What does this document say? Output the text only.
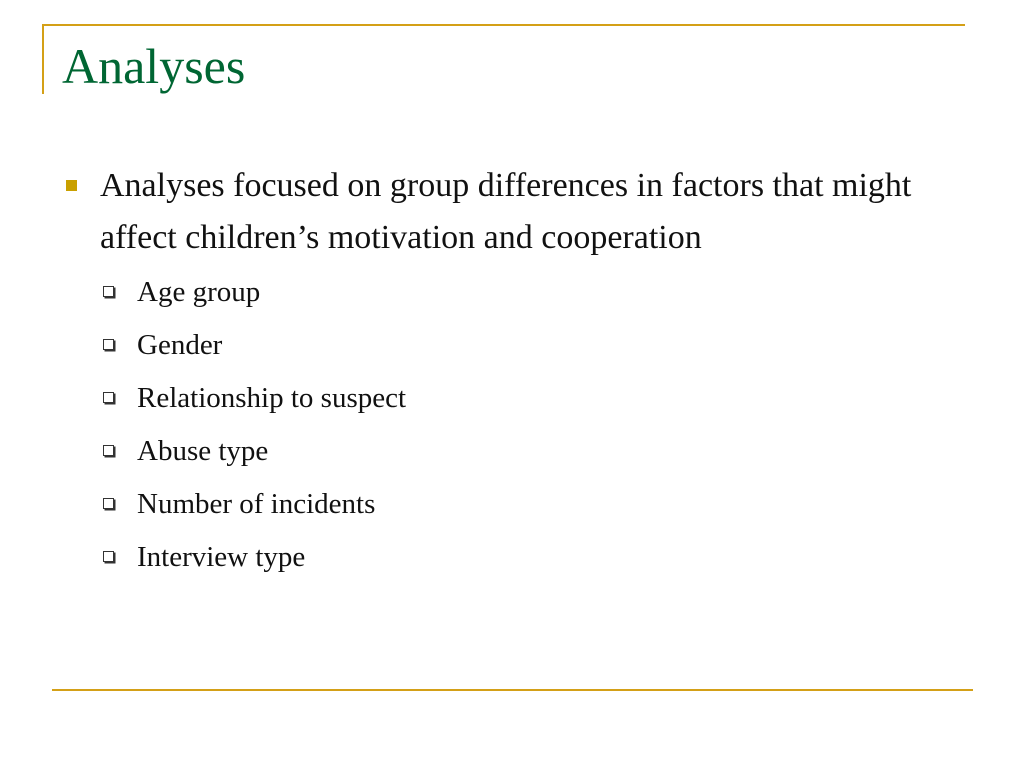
Analyses
Analyses focused on group differences in factors that might affect children’s motivation and cooperation
Age group
Gender
Relationship to suspect
Abuse type
Number of incidents
Interview type
